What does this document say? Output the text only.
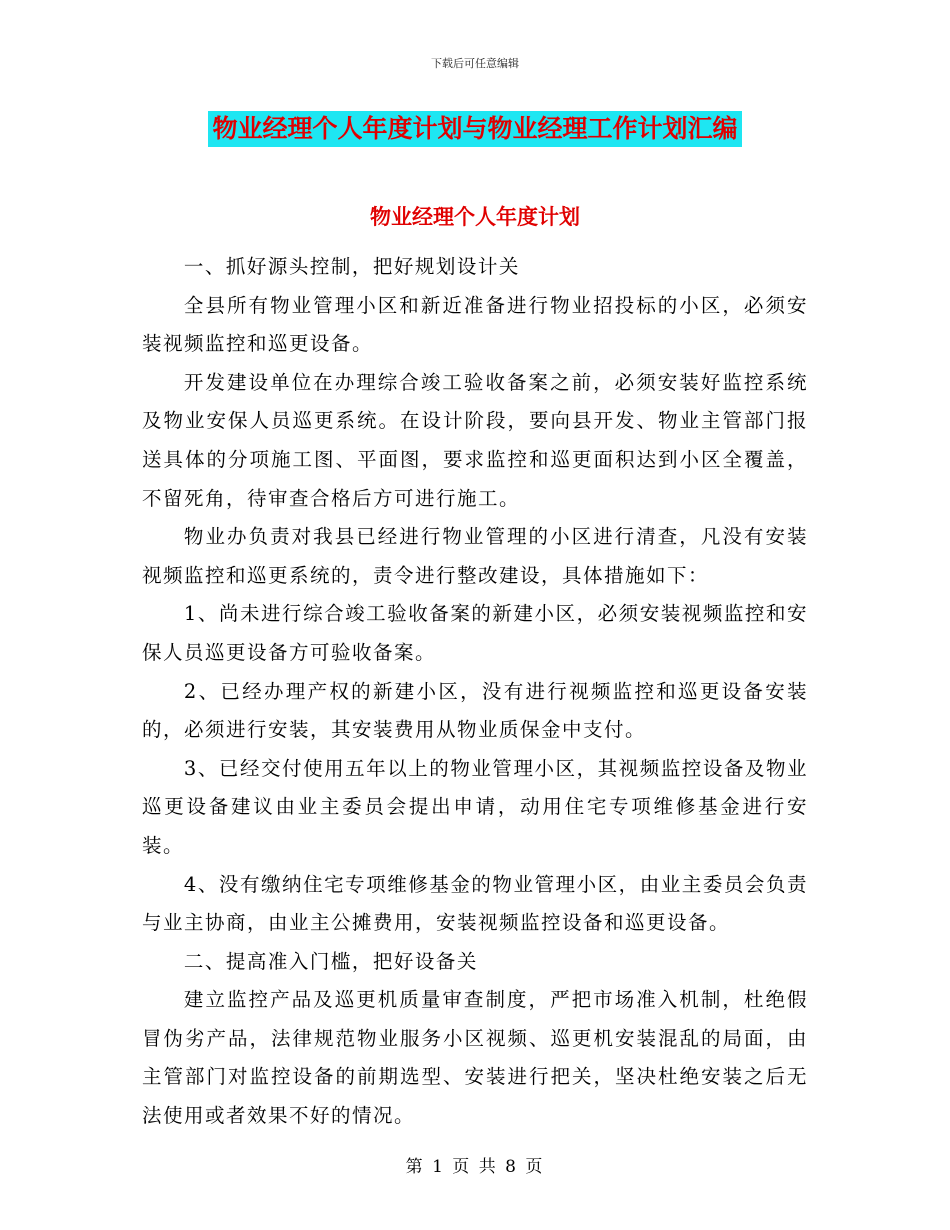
下载后可任意编辑
物业经理个人年度计划与物业经理工作计划汇编
物业经理个人年度计划

一、抓好源头控制，把好规划设计关

全县所有物业管理小区和新近准备进行物业招投标的小区，必须安装视频监控和巡更设备。

开发建设单位在办理综合竣工验收备案之前，必须安装好监控系统及物业安保人员巡更系统。在设计阶段，要向县开发、物业主管部门报送具体的分项施工图、平面图，要求监控和巡更面积达到小区全覆盖，不留死角，待审查合格后方可进行施工。

物业办负责对我县已经进行物业管理的小区进行清查，凡没有安装视频监控和巡更系统的，责令进行整改建设，具体措施如下：

1、尚未进行综合竣工验收备案的新建小区，必须安装视频监控和安保人员巡更设备方可验收备案。

2、已经办理产权的新建小区，没有进行视频监控和巡更设备安装的，必须进行安装，其安装费用从物业质保金中支付。

3、已经交付使用五年以上的物业管理小区，其视频监控设备及物业巡更设备建议由业主委员会提出申请，动用住宅专项维修基金进行安装。

4、没有缴纳住宅专项维修基金的物业管理小区，由业主委员会负责与业主协商，由业主公摊费用，安装视频监控设备和巡更设备。

二、提高准入门槛，把好设备关

建立监控产品及巡更机质量审查制度，严把市场准入机制，杜绝假冒伪劣产品，法律规范物业服务小区视频、巡更机安装混乱的局面，由主管部门对监控设备的前期选型、安装进行把关，坚决杜绝安装之后无法使用或者效果不好的情况。

第 1 页 共 8 页
